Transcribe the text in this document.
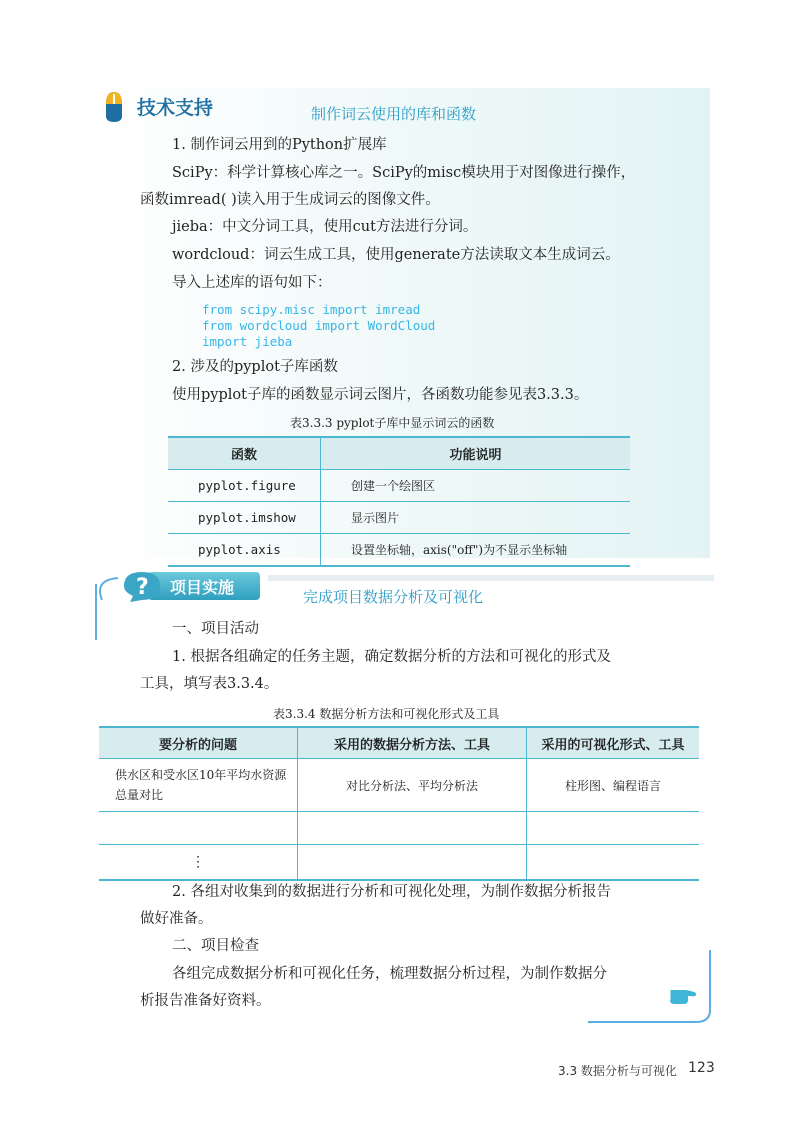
技术支持	制作词云使用的库和函数
1. 制作词云用到的Python扩展库
SciPy：科学计算核心库之一。SciPy的misc模块用于对图像进行操作，
函数imread( )读入用于生成词云的图像文件。
jieba：中文分词工具，使用cut方法进行分词。
wordcloud：词云生成工具，使用generate方法读取文本生成词云。
导入上述库的语句如下：
from scipy.misc import imread
from wordcloud import WordCloud
import jieba
2. 涉及的pyplot子库函数
使用pyplot子库的函数显示词云图片，各函数功能参见表3.3.3。
表3.3.3 pyplot子库中显示词云的函数
函数	功能说明
pyplot.figure	创建一个绘图区
pyplot.imshow	显示图片
pyplot.axis	设置坐标轴，axis("off")为不显示坐标轴
? 项目实施	完成项目数据分析及可视化
一、项目活动
1. 根据各组确定的任务主题，确定数据分析的方法和可视化的形式及
工具，填写表3.3.4。
表3.3.4 数据分析方法和可视化形式及工具
要分析的问题	采用的数据分析方法、工具	采用的可视化形式、工具
供水区和受水区10年平均水资源总量对比	对比分析法、平均分析法	柱形图、编程语言

⋮		
2. 各组对收集到的数据进行分析和可视化处理，为制作数据分析报告
做好准备。
二、项目检查
各组完成数据分析和可视化任务，梳理数据分析过程，为制作数据分
析报告准备好资料。
3.3 数据分析与可视化 123
